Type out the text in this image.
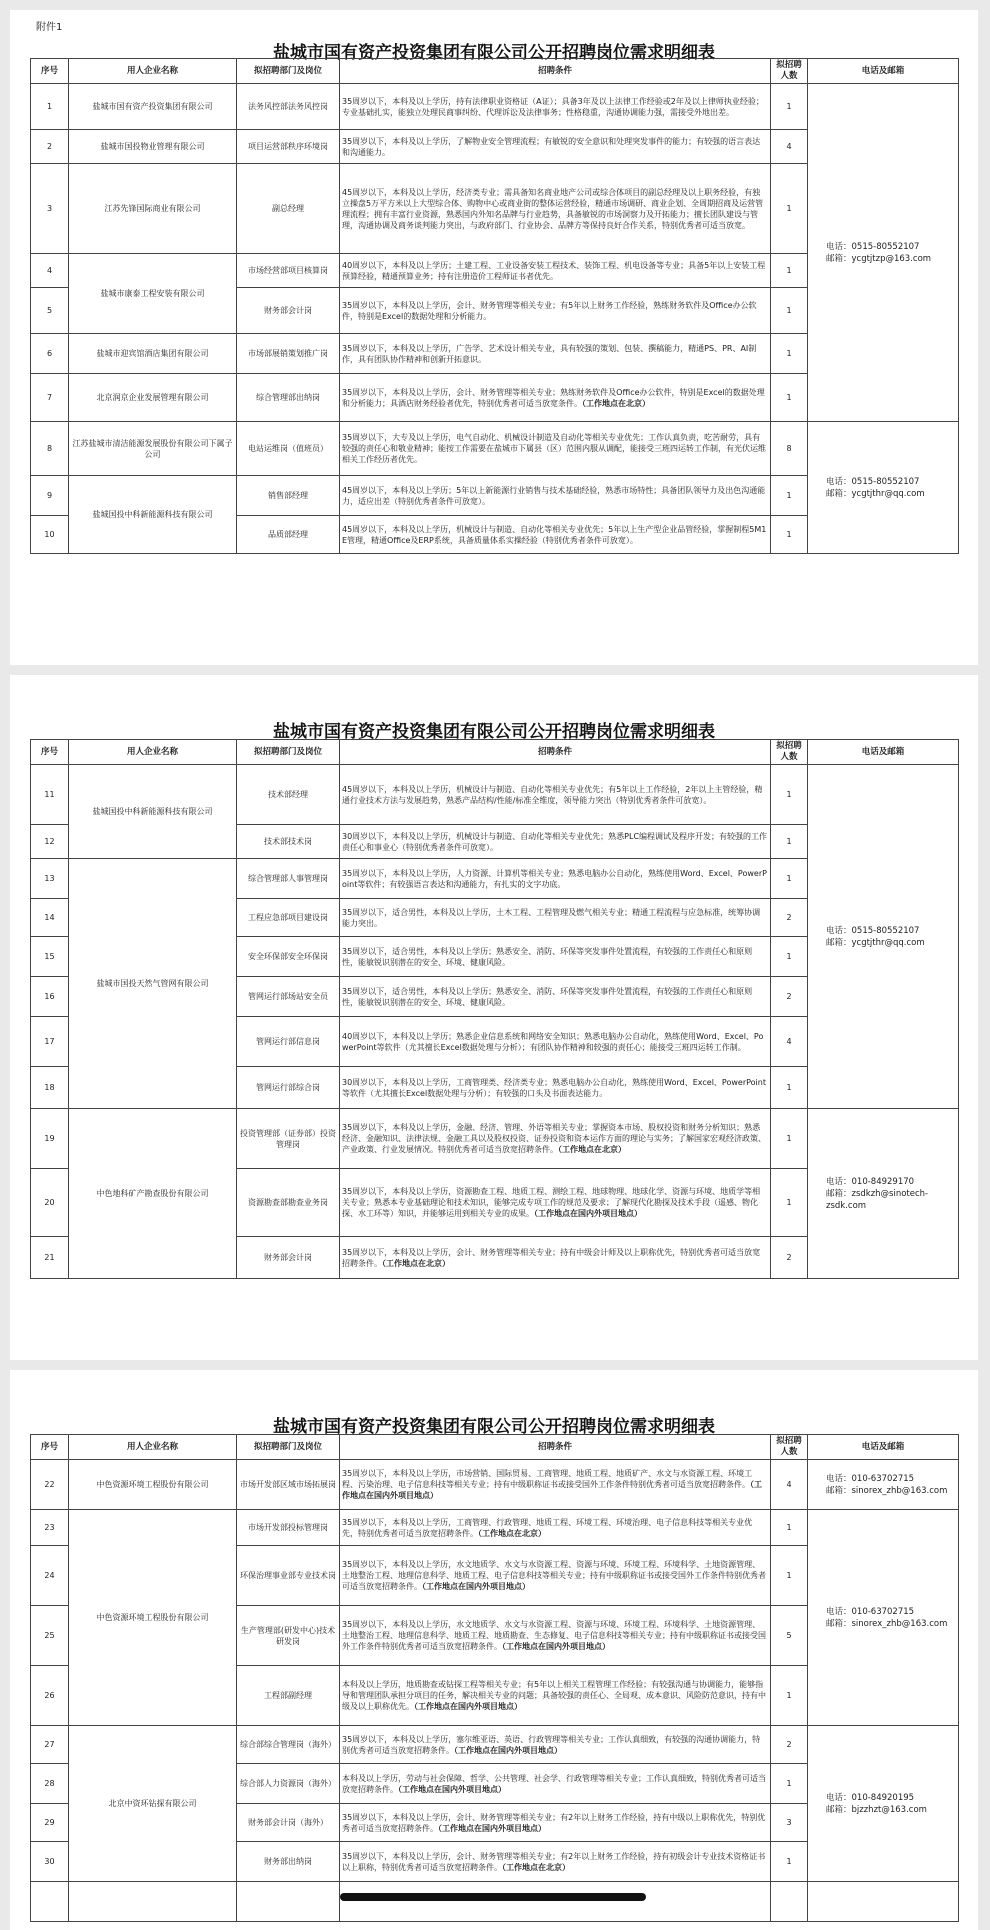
附件1
盐城市国有资产投资集团有限公司公开招聘岗位需求明细表
序号	用人企业名称	拟招聘部门及岗位	招聘条件	拟招聘
人数	电话及邮箱
1	盐城市国有资产投资集团有限公司	法务风控部法务风控岗	35周岁以下，本科及以上学历，持有法律职业资格证（A证）；具备3年及以上法律工作经验或2年及以上律师执业经验；专业基础扎实，能独立处理民商事纠纷、代理诉讼及法律事务；性格稳重，沟通协调能力强，需接受外地出差。	1	电话：0515-80552107
邮箱：ycgtjtzp@163.com

2	盐城市国投物业管理有限公司	项目运营部秩序环境岗	35周岁以下，本科及以上学历，了解物业安全管理流程；有敏锐的安全意识和处理突发事件的能力；有较强的语言表达和沟通能力。	4	
3	江苏先锋国际商业有限公司	副总经理	45周岁以下，本科及以上学历，经济类专业；需具备知名商业地产公司或综合体项目的副总经理及以上职务经验，有独立操盘5万平方米以上大型综合体、购物中心或商业街的整体运营经验，精通市场调研、商业企划、全周期招商及运营管理流程；拥有丰富行业资源，熟悉国内外知名品牌与行业趋势，具备敏锐的市场洞察力及开拓能力；擅长团队建设与管理，沟通协调及商务谈判能力突出，与政府部门、行业协会、品牌方等保持良好合作关系，特别优秀者可适当放宽。	1	
4	盐城市康泰工程安装有限公司	市场经营部项目核算岗	40周岁以下，本科及以上学历；土建工程、工业设备安装工程技术、装饰工程、机电设备等专业；具备5年以上安装工程预算经验，精通预算业务；持有注册造价工程师证书者优先。	1	
5		财务部会计岗	35周岁以下，本科及以上学历，会计、财务管理等相关专业；有5年以上财务工作经验，熟练财务软件及Office办公软件，特别是Excel的数据处理和分析能力。	1	
6	盐城市迎宾馆酒店集团有限公司	市场部展销策划推广岗	35周岁以下，本科及以上学历，广告学、艺术设计相关专业，具有较强的策划、包装、撰稿能力，精通PS、PR、AI制作，具有团队协作精神和创新开拓意识。	1	
7	北京润京企业发展管理有限公司	综合管理部出纳岗	35周岁以下，本科及以上学历，会计、财务管理等相关专业；熟练财务软件及Office办公软件，特别是Excel的数据处理和分析能力；具酒店财务经验者优先，特别优秀者可适当放宽条件。（工作地点在北京）	1	
8	江苏盐城市清洁能源发展股份有限公司下属子公司	电站运维岗（值班员）	35周岁以下，大专及以上学历，电气自动化、机械设计制造及自动化等相关专业优先；工作认真负责，吃苦耐劳，具有较强的责任心和敬业精神；能按工作需要在盐城市下属县（区）范围内服从调配，能接受三班四运转工作制，有光伏运维相关工作经历者优先。	8	电话：0515-80552107
邮箱：ycgtjthr@qq.com

9	盐城国投中科新能源科技有限公司	销售部经理	45周岁以下，本科及以上学历；5年以上新能源行业销售与技术基础经验，熟悉市场特性；具备团队领导力及出色沟通能力，适应出差（特别优秀者条件可放宽）。	1	
10		品质部经理	45周岁以下，本科及以上学历，机械设计与制造、自动化等相关专业优先；5年以上生产型企业品管经验，掌握制程5M1E管理，精通Office及ERP系统，具备质量体系实操经验（特别优秀者条件可放宽）。	1	
盐城市国有资产投资集团有限公司公开招聘岗位需求明细表
序号	用人企业名称	拟招聘部门及岗位	招聘条件	拟招聘
人数	电话及邮箱
11	盐城国投中科新能源科技有限公司	技术部经理	45周岁以下，本科及以上学历，机械设计与制造、自动化等相关专业优先；有5年以上工作经验，2年以上主管经验，精通行业技术方法与发展趋势，熟悉产品结构/性能/标准全维度，领导能力突出（特别优秀者条件可放宽）。	1	电话：0515-80552107
邮箱：ycgtjthr@qq.com

12		技术部技术岗	30周岁以下，本科及以上学历，机械设计与制造、自动化等相关专业优先；熟悉PLC编程调试及程序开发；有较强的工作责任心和事业心（特别优秀者条件可放宽）。	1	
13	盐城市国投天然气管网有限公司	综合管理部人事管理岗	35周岁以下，本科及以上学历，人力资源、计算机等相关专业；熟悉电脑办公自动化，熟练使用Word、Excel、PowerPoint等软件；有较强语言表达和沟通能力，有扎实的文字功底。	1	
14		工程应急部项目建设岗	35周岁以下，适合男性，本科及以上学历，土木工程、工程管理及燃气相关专业；精通工程流程与应急标准，统筹协调能力突出。	2	
15		安全环保部安全环保岗	35周岁以下，适合男性，本科及以上学历；熟悉安全、消防、环保等突发事件处置流程，有较强的工作责任心和原则性，能敏锐识别潜在的安全、环境、健康风险。	1	
16		管网运行部场站安全员	35周岁以下，适合男性，本科及以上学历；熟悉安全、消防、环保等突发事件处置流程，有较强的工作责任心和原则性，能敏锐识别潜在的安全、环境、健康风险。	2	
17		管网运行部信息岗	40周岁以下，本科及以上学历；熟悉企业信息系统和网络安全知识；熟悉电脑办公自动化，熟练使用Word、Excel、PowerPoint等软件（尤其擅长Excel数据处理与分析）；有团队协作精神和较强的责任心；能接受三班四运转工作制。	4	
18		管网运行部综合岗	30周岁以下，本科及以上学历，工商管理类、经济类专业；熟悉电脑办公自动化，熟练使用Word、Excel、PowerPoint等软件（尤其擅长Excel数据处理与分析）；有较强的口头及书面表达能力。	1	
19	中色地科矿产勘查股份有限公司	投资管理部（证券部）投资管理岗	35周岁以下，本科及以上学历，金融、经济、管理、外语等相关专业；掌握资本市场、股权投资和财务分析知识；熟悉经济、金融知识、法律法规、金融工具以及股权投资、证券投资和资本运作方面的理论与实务；了解国家宏观经济政策、产业政策、行业发展情况。特别优秀者可适当放宽招聘条件。（工作地点在北京）	1	电话：010-84929170
邮箱：zsdkzh@sinotech-zsdk.com

20		资源勘查部勘查业务岗	35周岁以下，本科及以上学历，资源勘查工程、地质工程、测绘工程、地球物理、地球化学、资源与环境、地质学等相关专业；熟悉本专业基础理论和技术知识，能够完成专项工作的规范及要求；了解现代化勘探及技术手段（遥感、物化探、水工环等）知识，并能够运用到相关专业的成果。（工作地点在国内外项目地点）	1	
21		财务部会计岗	35周岁以下，本科及以上学历，会计、财务管理等相关专业；持有中级会计师及以上职称优先，特别优秀者可适当放宽招聘条件。（工作地点在北京）	2	
盐城市国有资产投资集团有限公司公开招聘岗位需求明细表
序号	用人企业名称	拟招聘部门及岗位	招聘条件	拟招聘
人数	电话及邮箱
22	中色资源环境工程股份有限公司	市场开发部区域市场拓展岗	35周岁以下，本科及以上学历，市场营销、国际贸易、工商管理、地质工程、地质矿产、水文与水资源工程、环境工程、污染治理、电子信息科技等相关专业；持有中级职称证书或接受国外工作条件特别优秀者可适当放宽招聘条件。（工作地点在国内外项目地点）	4	电话：010-63702715
邮箱：sinorex_zhb@163.com

23	中色资源环境工程股份有限公司	市场开发部投标管理岗	35周岁以下，本科及以上学历，工商管理、行政管理、地质工程、环境工程、环境治理、电子信息科技等相关专业优先，特别优秀者可适当放宽招聘条件。（工作地点在北京）	1	电话：010-63702715
邮箱：sinorex_zhb@163.com

24		环保治理事业部专业技术岗	35周岁以下，本科及以上学历，水文地质学、水文与水资源工程、资源与环境、环境工程、环境科学、土地资源管理、土地整治工程、地理信息科学、地质工程、电子信息科技等相关专业；持有中级职称证书或接受国外工作条件特别优秀者可适当放宽招聘条件。（工作地点在国内外项目地点）	1	
25		生产管理部(研发中心)技术研发岗	35周岁以下，本科及以上学历，水文地质学、水文与水资源工程、资源与环境、环境工程、环境科学、土地资源管理、土地整治工程、地理信息科学、地质工程、地质勘查、生态修复、电子信息科技等相关专业；持有中级职称证书或接受国外工作条件特别优秀者可适当放宽招聘条件。（工作地点在国内外项目地点）	5	
26		工程部副经理	本科及以上学历，地质勘查或钻探工程等相关专业；有5年以上相关工程管理工作经验；有较强沟通与协调能力，能够指导和管理团队承担分项目的任务，解决相关专业的问题；具备较强的责任心、全局观、成本意识、风险防范意识，持有中级及以上职称优先。（工作地点在国内外项目地点）	1	
27	北京中资环钻探有限公司	综合部综合管理岗（海外）	35周岁以下，本科及以上学历，塞尔维亚语、英语、行政管理等相关专业；工作认真细致，有较强的沟通协调能力，特别优秀者可适当放宽招聘条件。（工作地点在国内外项目地点）	2	电话：010-84920195
邮箱：bjzzhzt@163.com

28		综合部人力资源岗（海外）	本科及以上学历，劳动与社会保障、哲学、公共管理、社会学、行政管理等相关专业；工作认真细致，特别优秀者可适当放宽招聘条件。（工作地点在国内外项目地点）	1	
29		财务部会计岗（海外）	35周岁以下，本科及以上学历，会计、财务管理等相关专业；有2年以上财务工作经验，持有中级以上职称优先，特别优秀者可适当放宽招聘条件。（工作地点在国内外项目地点）	3	
30		财务部出纳岗	35周岁以下，本科及以上学历，会计、财务管理等相关专业；有2年以上财务工作经验，持有初级会计专业技术资格证书以上职称，特别优秀者可适当放宽招聘条件。（工作地点在北京）	1	
